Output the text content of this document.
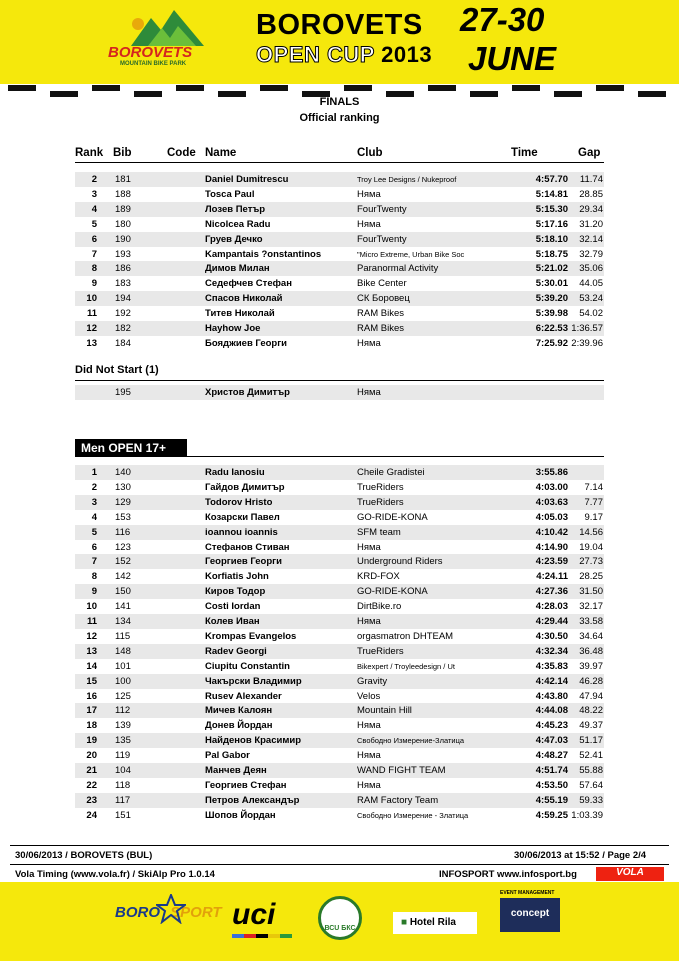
BOROVETS
MOUNTAIN BIKE PARK
BOROVETS
OPEN CUP 2013
27-30
JUNE
FINALS
Official ranking
Rank Bib	Code Name	Club	Time	Gap
2 181	Daniel Dumitrescu	Troy Lee Designs / Nukeproof	4:57.70	11.74
3 188	Tosca Paul	Няма	5:14.81	28.85
4 189	Лозев Петър	FourTwenty	5:15.30	29.34
5 180	Nicolcea Radu	Няма	5:17.16	31.20
6 190	Груев Дечко	FourTwenty	5:18.10	32.14
7 193	Kampantais ?onstantinos	"Micro Extreme, Urban Bike Soc	5:18.75	32.79
8 186	Димов Милан	Paranormal Activity	5:21.02	35.06
9 183	Седефчев Стефан	Bike Center	5:30.01	44.05
10 194	Спасов Николай	СК Боровец	5:39.20	53.24
11 192	Титев Николай	RAM Bikes	5:39.98	54.02
12 182	Hayhow Joe	RAM Bikes	6:22.53 1:36.57
13 184	Бояджиев Георги	Няма	7:25.92 2:39.96
Did Not Start (1)
195	Христов Димитър	Няма
Men OPEN 17+
1 140	Radu Ianosiu	Cheile Gradistei	3:55.86
2 130	Гайдов Димитър	TrueRiders	4:03.00	7.14
3 129	Todorov Hristo	TrueRiders	4:03.63	7.77
4 153	Козарски Павел	GO-RIDE-KONA	4:05.03	9.17
5 116	ioannou ioannis	SFM team	4:10.42	14.56
6 123	Стефанов Стиван	Няма	4:14.90	19.04
7 152	Георгиев Георги	Underground Riders	4:23.59	27.73
8 142	Korfiatis John	KRD-FOX	4:24.11	28.25
9 150	Киров Тодор	GO-RIDE-KONA	4:27.36	31.50
10 141	Costi Iordan	DirtBike.ro	4:28.03	32.17
11 134	Колев Иван	Няма	4:29.44	33.58
12 115	Krompas Evangelos	orgasmatron DHTEAM	4:30.50	34.64
13 148	Radev Georgi	TrueRiders	4:32.34	36.48
14 101	Ciupitu Constantin	Bikexpert / Troyleedesign / Ut	4:35.83	39.97
15 100	Чакърски Владимир	Gravity	4:42.14	46.28
16 125	Rusev Alexander	Velos	4:43.80	47.94
17 112	Мичев Калоян	Mountain Hill	4:44.08	48.22
18 139	Донев Йордан	Няма	4:45.23	49.37
19 135	Найденов Красимир	Свободно Измерение-Златица	4:47.03	51.17
20 119	Pal Gabor	Няма	4:48.27	52.41
21 104	Манчев Деян	WAND FIGHT TEAM	4:51.74	55.88
22 118	Георгиев Стефан	Няма	4:53.50	57.64
23 117	Петров Александър	RAM Factory Team	4:55.19	59.33
24 151	Шопов Йордан	Свободно Измерение - Златица	4:59.25 1:03.39
30/06/2013 / BOROVETS (BUL)	30/06/2013 at 15:52 / Page 2/4
Vola Timing (www.vola.fr) / SkiAlp Pro 1.0.14	INFOSPORT www.infosport.bg	VOLA
BORO SPORT uci	ВСU БКС
■ Hotel Rila
EVENT MANAGEMENT
concept
